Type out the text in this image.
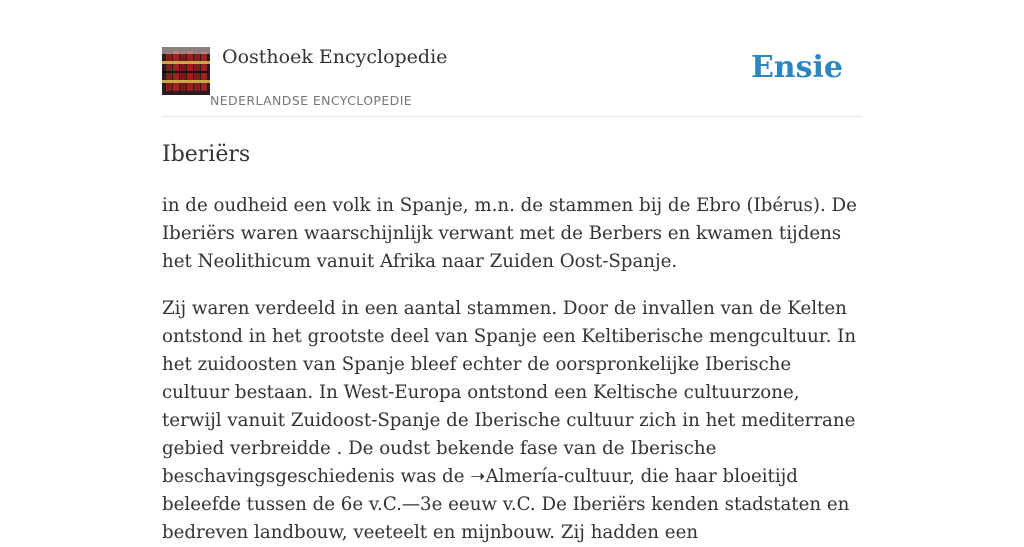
Oosthoek Encyclopedie
NEDERLANDSE ENCYCLOPEDIE
Ensie
Iberiërs

in de oudheid een volk in Spanje, m.n. de stammen bij de Ebro (Ibérus). De Iberiërs waren waarschijnlijk verwant met de Berbers en kwamen tijdens het Neolithicum vanuit Afrika naar Zuiden Oost-Spanje.

Zij waren verdeeld in een aantal stammen. Door de invallen van de Kelten ontstond in het grootste deel van Spanje een Keltiberische mengcultuur. In het zuidoosten van Spanje bleef echter de oorspronkelijke Iberische cultuur bestaan. In West-Europa ontstond een Keltische cultuurzone, terwijl vanuit Zuidoost-Spanje de Iberische cultuur zich in het mediterrane gebied verbreidde . De oudst bekende fase van de Iberische beschavingsgeschiedenis was de ➝Almería-cultuur, die haar bloeitijd beleefde tussen de 6e v.C.—3e eeuw v.C. De Iberiërs kenden stadstaten en bedreven landbouw, veeteelt en mijnbouw. Zij hadden een
